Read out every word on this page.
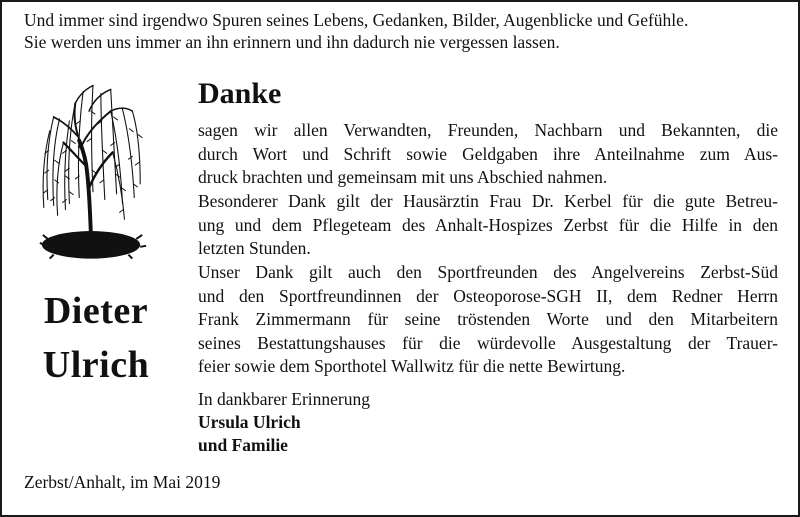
Und immer sind irgendwo Spuren seines Lebens, Gedanken, Bilder, Augenblicke und Gefühle.
Sie werden uns immer an ihn erinnern und ihn dadurch nie vergessen lassen.
Dieter
Ulrich
Danke
sagen wir allen Verwandten, Freunden, Nachbarn und Bekannten, die
durch Wort und Schrift sowie Geldgaben ihre Anteilnahme zum Aus-
druck brachten und gemeinsam mit uns Abschied nahmen.
Besonderer Dank gilt der Hausärztin Frau Dr. Kerbel für die gute Betreu-
ung und dem Pflegeteam des Anhalt-Hospizes Zerbst für die Hilfe in den
letzten Stunden.
Unser Dank gilt auch den Sportfreunden des Angelvereins Zerbst-Süd
und den Sportfreundinnen der Osteoporose-SGH II, dem Redner Herrn
Frank Zimmermann für seine tröstenden Worte und den Mitarbeitern
seines Bestattungshauses für die würdevolle Ausgestaltung der Trauer-
feier sowie dem Sporthotel Wallwitz für die nette Bewirtung.
In dankbarer Erinnerung
Ursula Ulrich
und Familie
Zerbst/Anhalt, im Mai 2019
